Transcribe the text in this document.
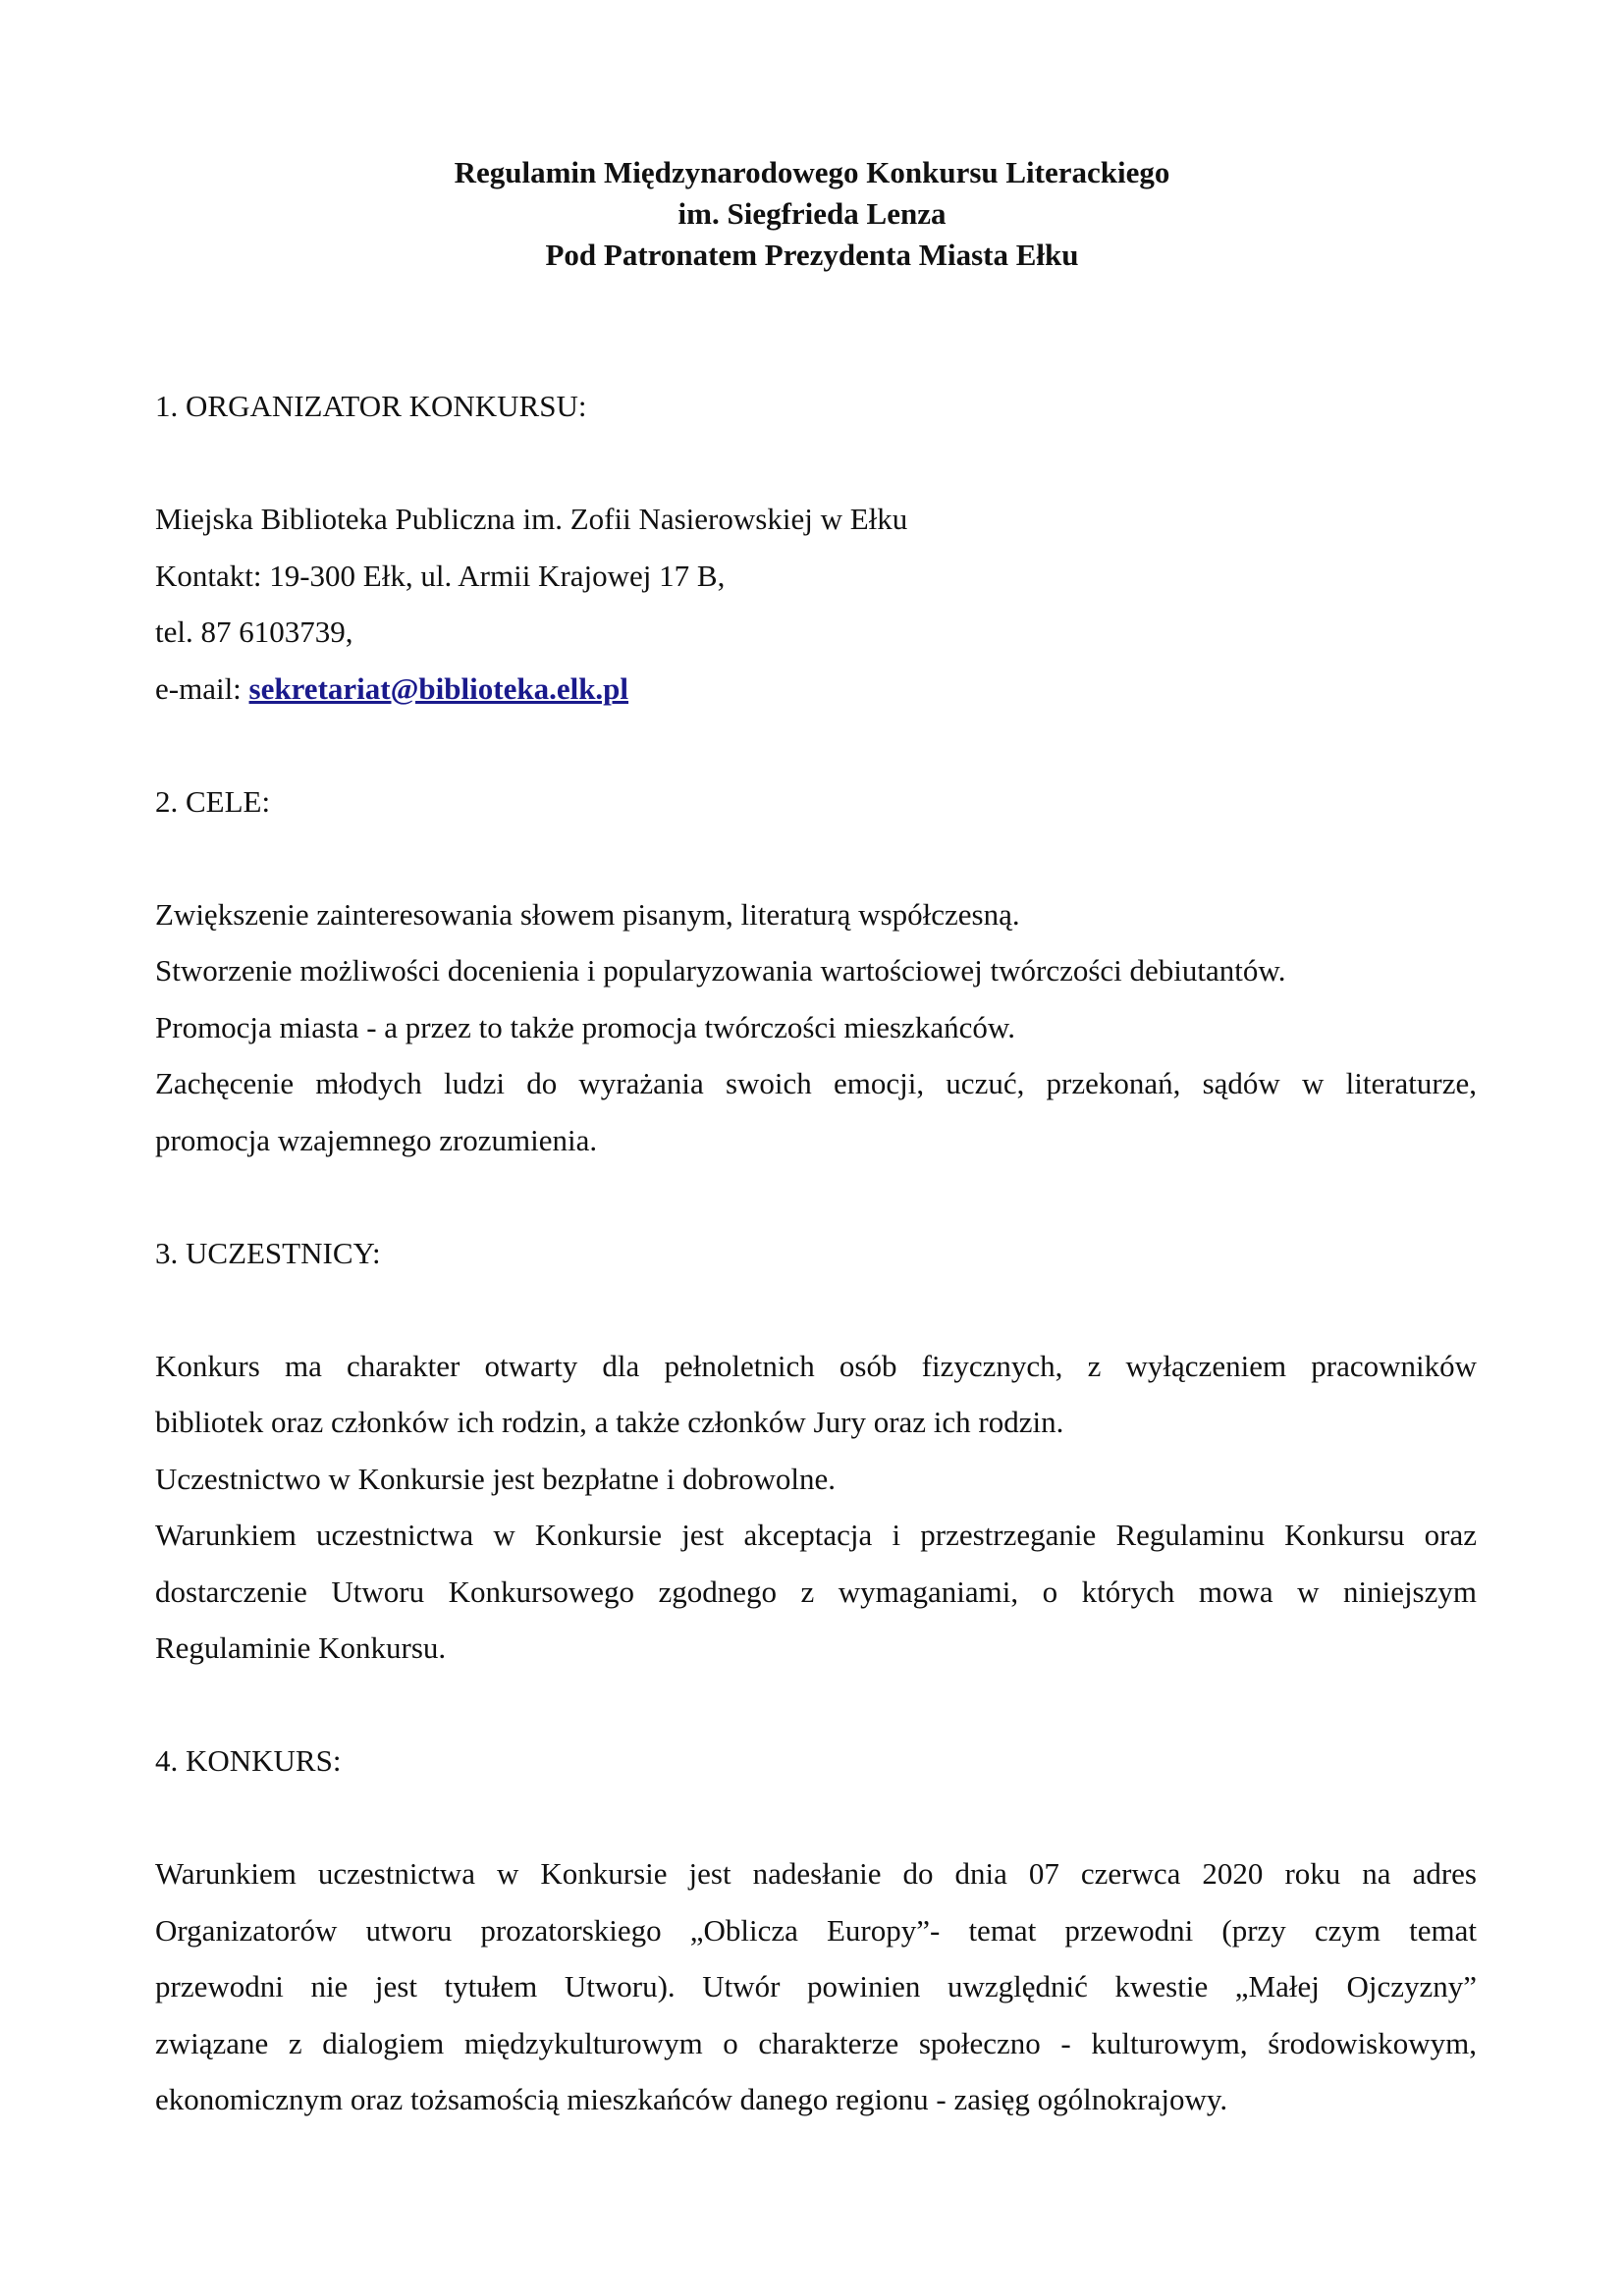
Regulamin Międzynarodowego Konkursu Literackiego
im. Siegfrieda Lenza
Pod Patronatem Prezydenta Miasta Ełku

1. ORGANIZATOR KONKURSU:

Miejska Biblioteka Publiczna im. Zofii Nasierowskiej w Ełku
Kontakt: 19-300 Ełk, ul. Armii Krajowej 17 B,
tel. 87 6103739,
e-mail: sekretariat@biblioteka.elk.pl

2. CELE:

Zwiększenie zainteresowania słowem pisanym, literaturą współczesną.
Stworzenie możliwości docenienia i popularyzowania wartościowej twórczości debiutantów.
Promocja miasta - a przez to także promocja twórczości mieszkańców.
Zachęcenie młodych ludzi do wyrażania swoich emocji, uczuć, przekonań, sądów w literaturze,
promocja wzajemnego zrozumienia.

3. UCZESTNICY:

Konkurs ma charakter otwarty dla pełnoletnich osób fizycznych, z wyłączeniem pracowników
bibliotek oraz członków ich rodzin, a także członków Jury oraz ich rodzin.
Uczestnictwo w Konkursie jest bezpłatne i dobrowolne.
Warunkiem uczestnictwa w Konkursie jest akceptacja i przestrzeganie Regulaminu Konkursu oraz
dostarczenie Utworu Konkursowego zgodnego z wymaganiami, o których mowa w niniejszym
Regulaminie Konkursu.

4. KONKURS:

Warunkiem uczestnictwa w Konkursie jest nadesłanie do dnia 07 czerwca 2020 roku na adres
Organizatorów utworu prozatorskiego „Oblicza Europy”- temat przewodni (przy czym temat
przewodni nie jest tytułem Utworu). Utwór powinien uwzględnić kwestie „Małej Ojczyzny”
związane z dialogiem międzykulturowym o charakterze społeczno - kulturowym, środowiskowym,
ekonomicznym oraz tożsamością mieszkańców danego regionu - zasięg ogólnokrajowy.
